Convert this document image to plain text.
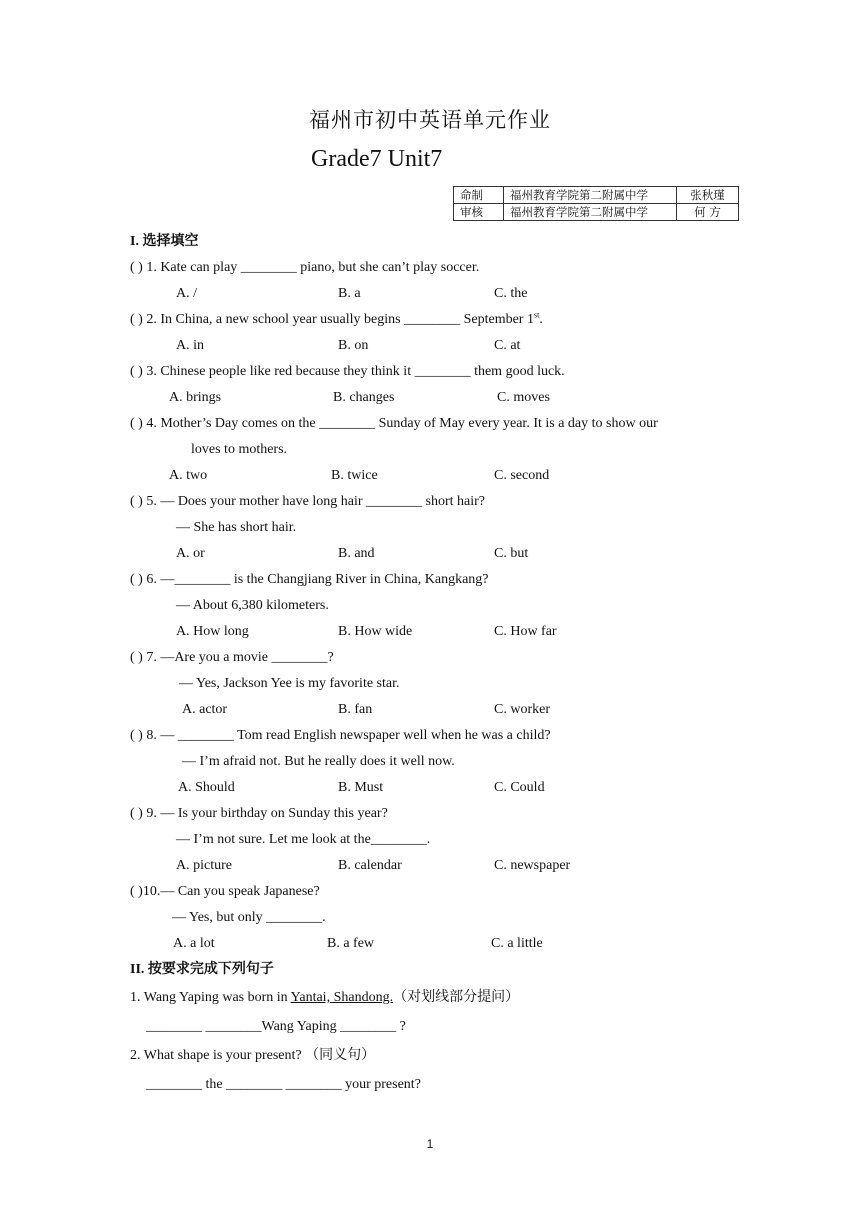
福州市初中英语单元作业
Grade7 Unit7
命制	福州教育学院第二附属中学	张秋瑾
审核	福州教育学院第二附属中学	何 方
I. 选择填空
( ) 1. Kate can play ________ piano, but she can’t play soccer.
A. /	B. a	C. the
( ) 2. In China, a new school year usually begins ________ September 1st.
A. in	B. on	C. at
( ) 3. Chinese people like red because they think it ________ them good luck.
A. brings	B. changes	C. moves
( ) 4. Mother’s Day comes on the ________ Sunday of May every year. It is a day to show our
loves to mothers.
A. two	B. twice	C. second
( ) 5. — Does your mother have long hair ________ short hair?
— She has short hair.
A. or	B. and	C. but
( ) 6. —________ is the Changjiang River in China, Kangkang?
— About 6,380 kilometers.
A. How long	B. How wide	C. How far
( ) 7. —Are you a movie ________?
— Yes, Jackson Yee is my favorite star.
A. actor	B. fan	C. worker
( ) 8. — ________ Tom read English newspaper well when he was a child?
— I’m afraid not. But he really does it well now.
A. Should	B. Must	C. Could
( ) 9. — Is your birthday on Sunday this year?
— I’m not sure. Let me look at the________.
A. picture	B. calendar	C. newspaper
( )10.— Can you speak Japanese?
— Yes, but only ________.
A. a lot	B. a few	C. a little
II. 按要求完成下列句子
1. Wang Yaping was born in Yantai, Shandong.（对划线部分提问）
________ ________Wang Yaping ________ ?
2. What shape is your present? （同义句）
________ the ________ ________ your present?
1
